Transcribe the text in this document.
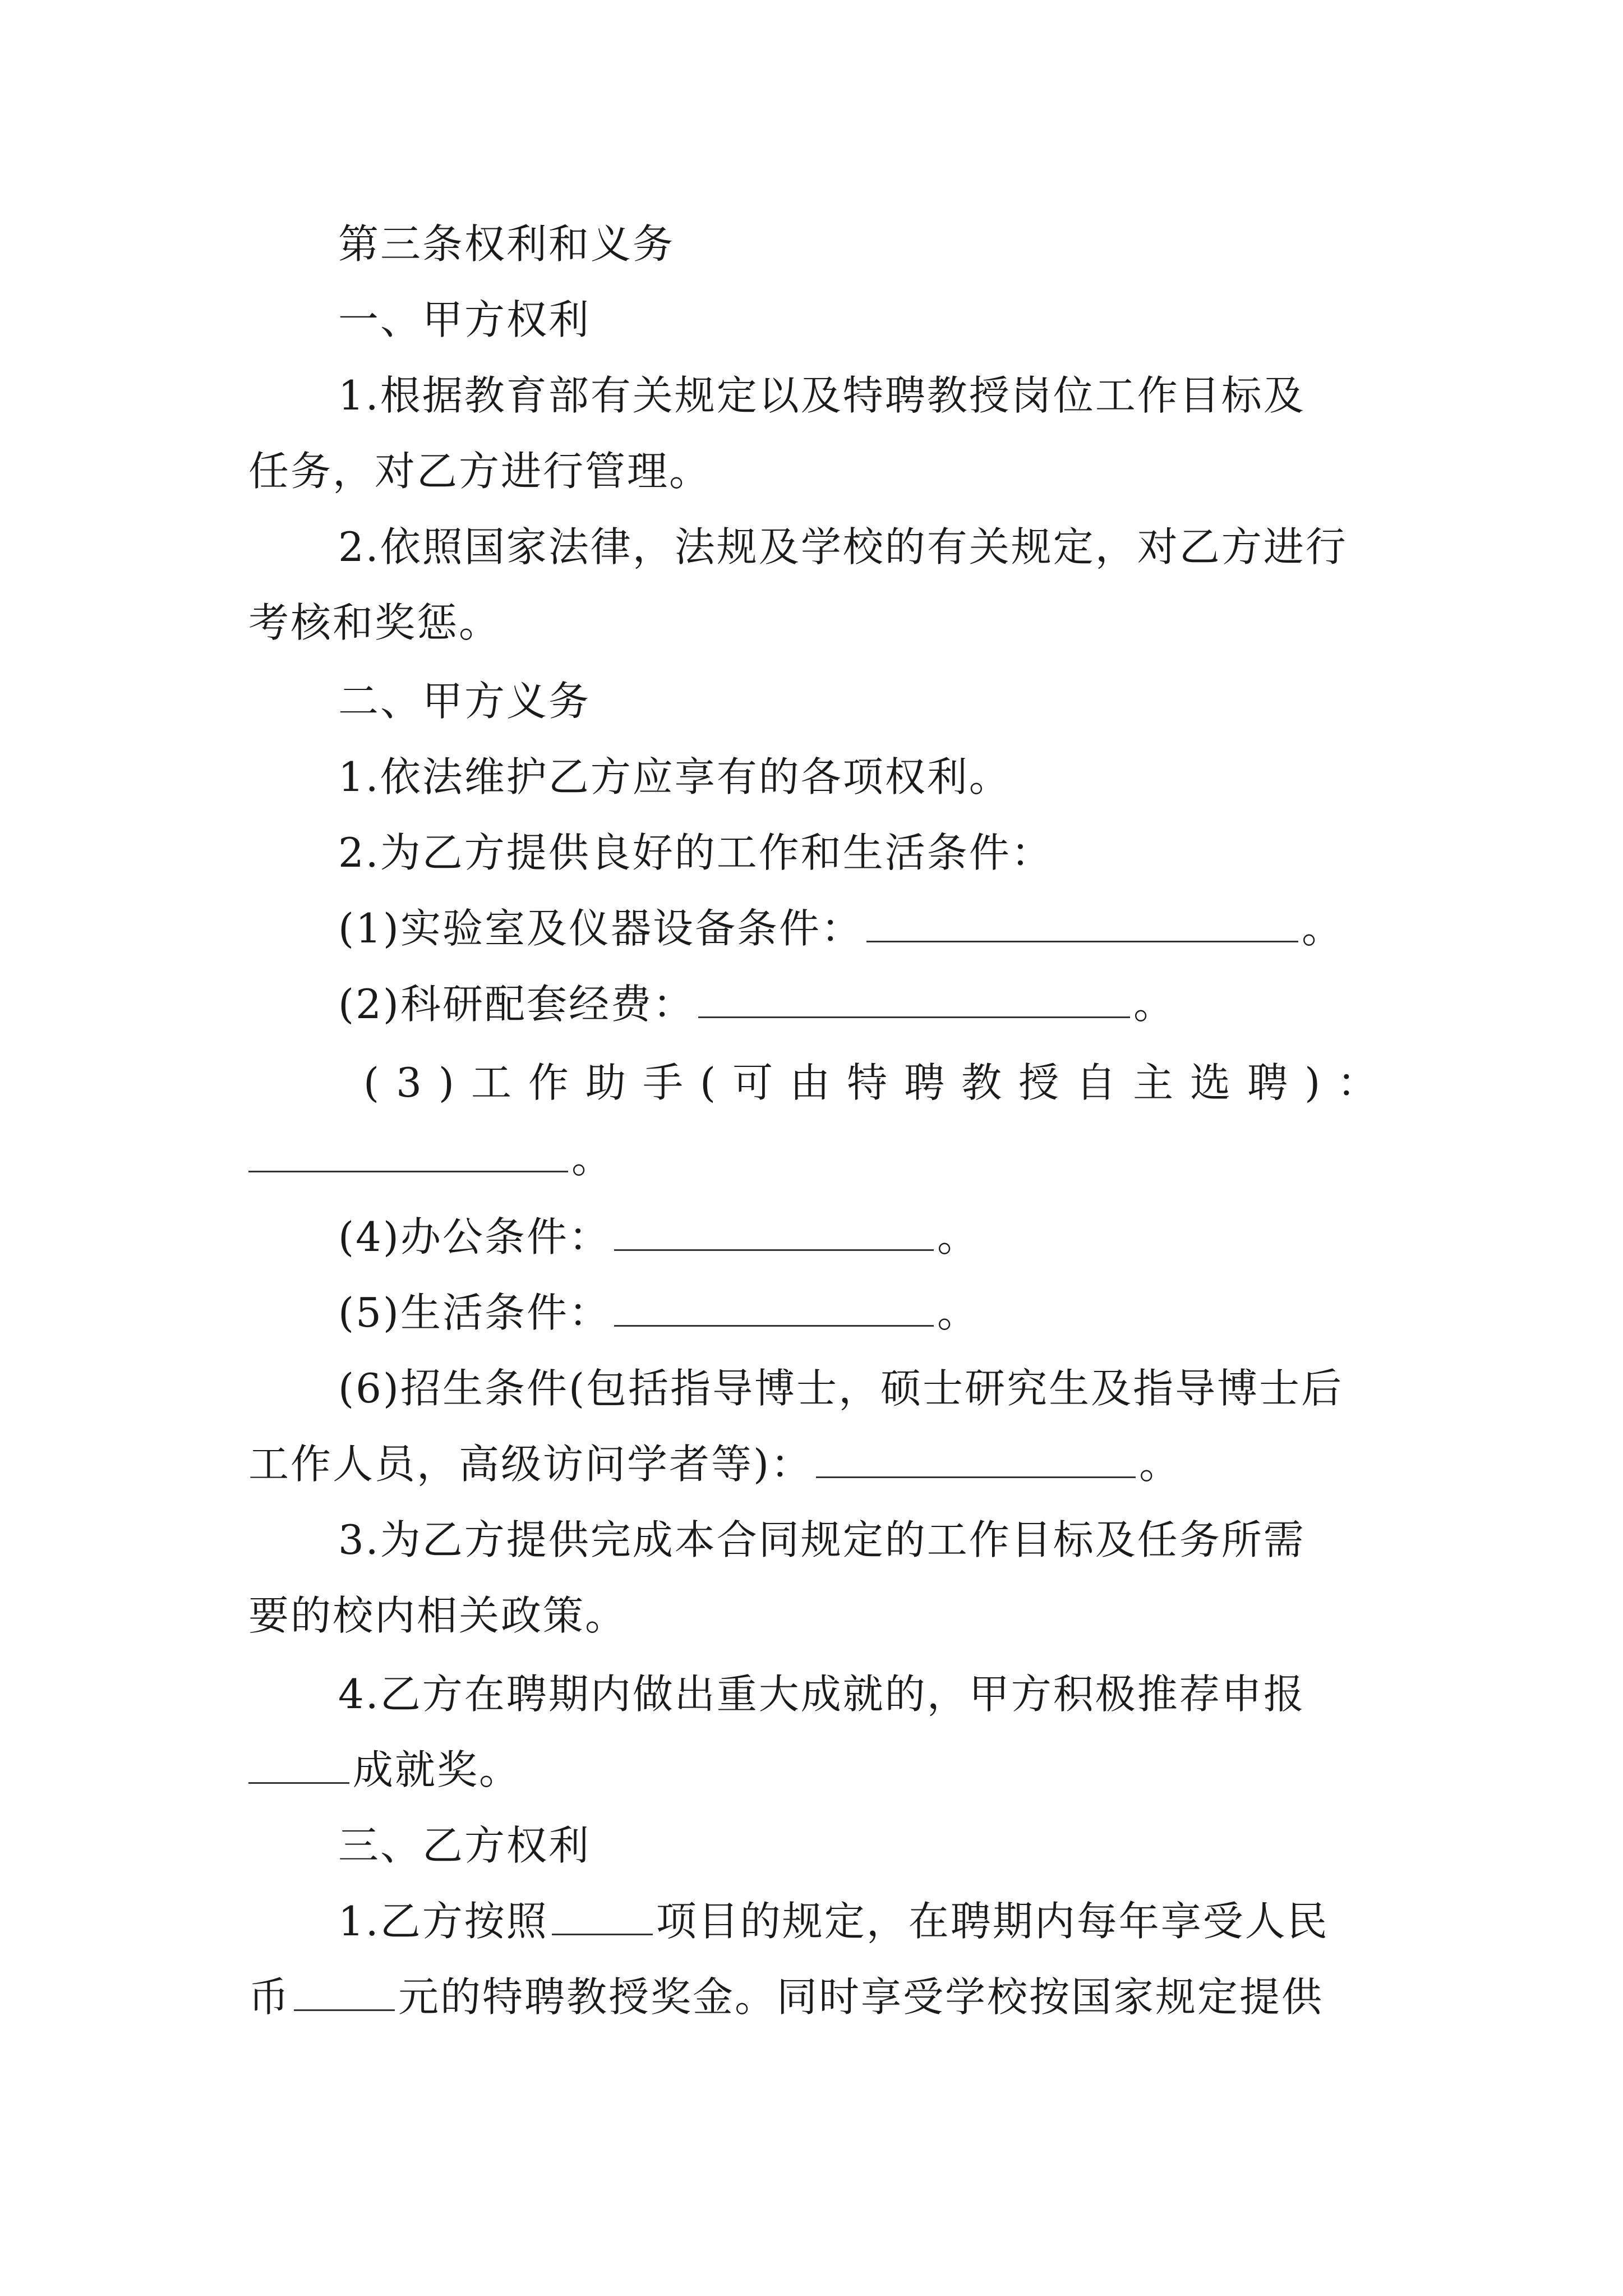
第三条权利和义务
一、甲方权利
1.根据教育部有关规定以及特聘教授岗位工作目标及
任务，对乙方进行管理。
2.依照国家法律，法规及学校的有关规定，对乙方进行
考核和奖惩。
二、甲方义务
1.依法维护乙方应享有的各项权利。
2.为乙方提供良好的工作和生活条件：
(1)实验室及仪器设备条件：	。
(2)科研配套经费：	。
(3)工作助手(可由特聘教授自主选聘)：
。
(4)办公条件：	。
(5)生活条件：	。
(6)招生条件(包括指导博士，硕士研究生及指导博士后
工作人员，高级访问学者等)：	。
3.为乙方提供完成本合同规定的工作目标及任务所需
要的校内相关政策。
4.乙方在聘期内做出重大成就的，甲方积极推荐申报
成就奖。
三、乙方权利
1.乙方按照	项目的规定，在聘期内每年享受人民
币	元的特聘教授奖金。同时享受学校按国家规定提供
